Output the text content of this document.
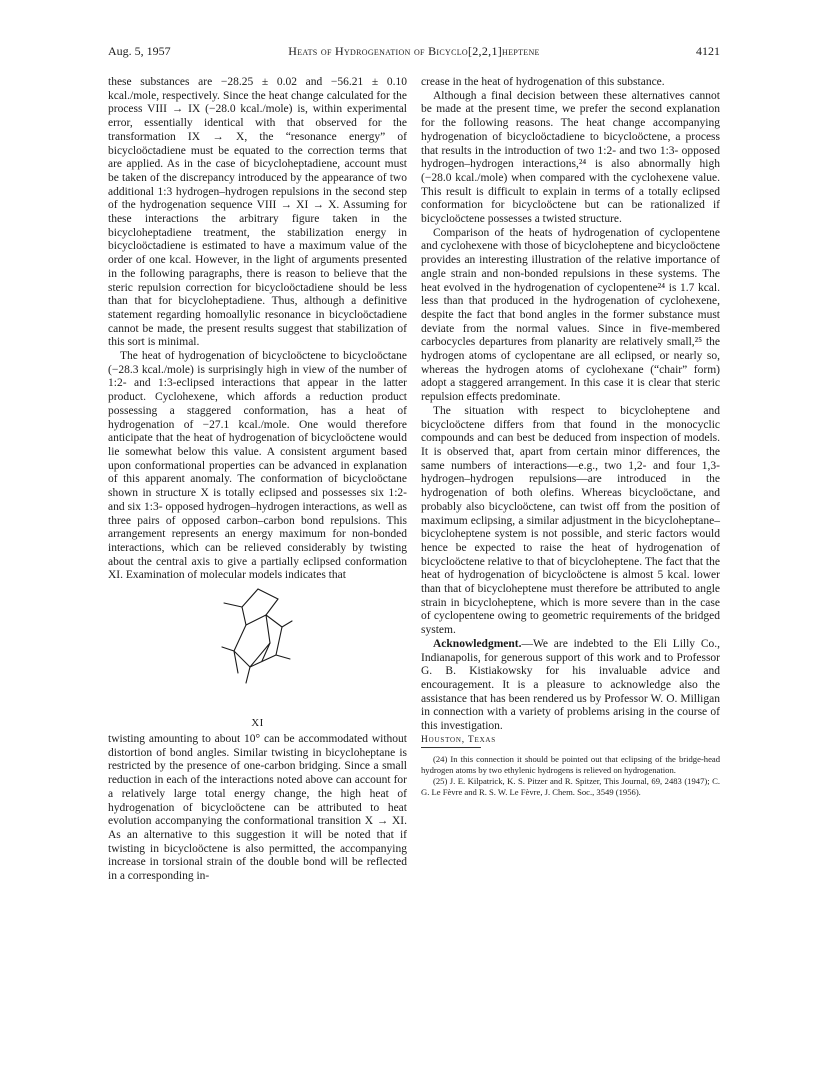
Aug. 5, 1957	Heats of Hydrogenation of Bicyclo[2,2,1]heptene	4121

these substances are −28.25 ± 0.02 and −56.21 ± 0.10 kcal./mole, respectively. Since the heat change calculated for the process VIII → IX (−28.0 kcal./mole) is, within experimental error, essentially identical with that observed for the transformation IX → X, the “resonance energy” of bicycloöctadiene must be equated to the correction terms that are applied. As in the case of bicycloheptadiene, account must be taken of the discrepancy introduced by the appearance of two additional 1:3 hydrogen–hydrogen repulsions in the second step of the hydrogenation sequence VIII → XI → X. Assuming for these interactions the arbitrary figure taken in the bicycloheptadiene treatment, the stabilization energy in bicycloöctadiene is estimated to have a maximum value of the order of one kcal. However, in the light of arguments presented in the following paragraphs, there is reason to believe that the steric repulsion correction for bicycloöctadiene should be less than that for bicycloheptadiene. Thus, although a definitive statement regarding homoallylic resonance in bicycloöctadiene cannot be made, the present results suggest that stabilization of this sort is minimal.

The heat of hydrogenation of bicycloöctene to bicycloöctane (−28.3 kcal./mole) is surprisingly high in view of the number of 1:2- and 1:3-eclipsed interactions that appear in the latter product. Cyclohexene, which affords a reduction product possessing a staggered conformation, has a heat of hydrogenation of −27.1 kcal./mole. One would therefore anticipate that the heat of hydrogenation of bicycloöctene would lie somewhat below this value. A consistent argument based upon conformational properties can be advanced in explanation of this apparent anomaly. The conformation of bicycloöctane shown in structure X is totally eclipsed and possesses six 1:2- and six 1:3- opposed hydrogen–hydrogen interactions, as well as three pairs of opposed carbon–carbon bond repulsions. This arrangement represents an energy maximum for non-bonded interactions, which can be relieved considerably by twisting about the central axis to give a partially eclipsed conformation XI. Examination of molecular models indicates that

XI

twisting amounting to about 10° can be accommodated without distortion of bond angles. Similar twisting in bicycloheptane is restricted by the presence of one-carbon bridging. Since a small reduction in each of the interactions noted above can account for a relatively large total energy change, the high heat of hydrogenation of bicycloöctene can be attributed to heat evolution accompanying the conformational transition X → XI. As an alternative to this suggestion it will be noted that if twisting in bicycloöctene is also permitted, the accompanying increase in torsional strain of the double bond will be reflected in a corresponding in-

crease in the heat of hydrogenation of this substance.

Although a final decision between these alternatives cannot be made at the present time, we prefer the second explanation for the following reasons. The heat change accompanying hydrogenation of bicycloöctadiene to bicycloöctene, a process that results in the introduction of two 1:2- and two 1:3- opposed hydrogen–hydrogen interactions,²⁴ is also abnormally high (−28.0 kcal./mole) when compared with the cyclohexene value. This result is difficult to explain in terms of a totally eclipsed conformation for bicycloöctene but can be rationalized if bicycloöctene possesses a twisted structure.

Comparison of the heats of hydrogenation of cyclopentene and cyclohexene with those of bicycloheptene and bicycloöctene provides an interesting illustration of the relative importance of angle strain and non-bonded repulsions in these systems. The heat evolved in the hydrogenation of cyclopentene²⁴ is 1.7 kcal. less than that produced in the hydrogenation of cyclohexene, despite the fact that bond angles in the former substance must deviate from the normal values. Since in five-membered carbocycles departures from planarity are relatively small,²⁵ the hydrogen atoms of cyclopentane are all eclipsed, or nearly so, whereas the hydrogen atoms of cyclohexane (“chair” form) adopt a staggered arrangement. In this case it is clear that steric repulsion effects predominate.

The situation with respect to bicycloheptene and bicycloöctene differs from that found in the monocyclic compounds and can best be deduced from inspection of models. It is observed that, apart from certain minor differences, the same numbers of interactions—e.g., two 1,2- and four 1,3-hydrogen–hydrogen repulsions—are introduced in the hydrogenation of both olefins. Whereas bicycloöctane, and probably also bicycloöctene, can twist off from the position of maximum eclipsing, a similar adjustment in the bicycloheptane–bicycloheptene system is not possible, and steric factors would hence be expected to raise the heat of hydrogenation of bicycloöctene relative to that of bicycloheptene. The fact that the heat of hydrogenation of bicycloöctene is almost 5 kcal. lower than that of bicycloheptene must therefore be attributed to angle strain in bicycloheptene, which is more severe than in the case of cyclopentene owing to geometric requirements of the bridged system.

Acknowledgment.—We are indebted to the Eli Lilly Co., Indianapolis, for generous support of this work and to Professor G. B. Kistiakowsky for his invaluable advice and encouragement. It is a pleasure to acknowledge also the assistance that has been rendered us by Professor W. O. Milligan in connection with a variety of problems arising in the course of this investigation.

Houston, Texas

(24) In this connection it should be pointed out that eclipsing of the bridge-head hydrogen atoms by two ethylenic hydrogens is relieved on hydrogenation.

(25) J. E. Kilpatrick, K. S. Pitzer and R. Spitzer, This Journal, 69, 2483 (1947); C. G. Le Fèvre and R. S. W. Le Fèvre, J. Chem. Soc., 3549 (1956).
